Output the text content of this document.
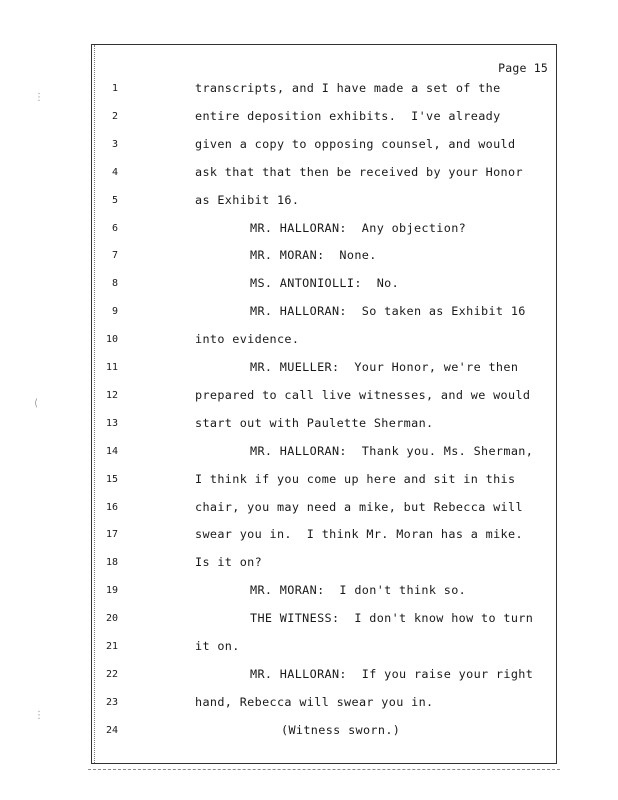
Page 15
1	transcripts, and I have made a set of the
2	entire deposition exhibits.  I've already
3	given a copy to opposing counsel, and would
4	ask that that then be received by your Honor
5	as Exhibit 16.
6	MR. HALLORAN:  Any objection?
7	MR. MORAN:  None.
8	MS. ANTONIOLLI:  No.
9	MR. HALLORAN:  So taken as Exhibit 16
10	into evidence.
11	MR. MUELLER:  Your Honor, we're then
12	prepared to call live witnesses, and we would
13	start out with Paulette Sherman.
14	MR. HALLORAN:  Thank you. Ms. Sherman,
15	I think if you come up here and sit in this
16	chair, you may need a mike, but Rebecca will
17	swear you in.  I think Mr. Moran has a mike.
18	Is it on?
19	MR. MORAN:  I don't think so.
20	THE WITNESS:  I don't know how to turn
21	it on.
22	MR. HALLORAN:  If you raise your right
23	hand, Rebecca will swear you in.
24	(Witness sworn.)
⋮
⟨
⋮
